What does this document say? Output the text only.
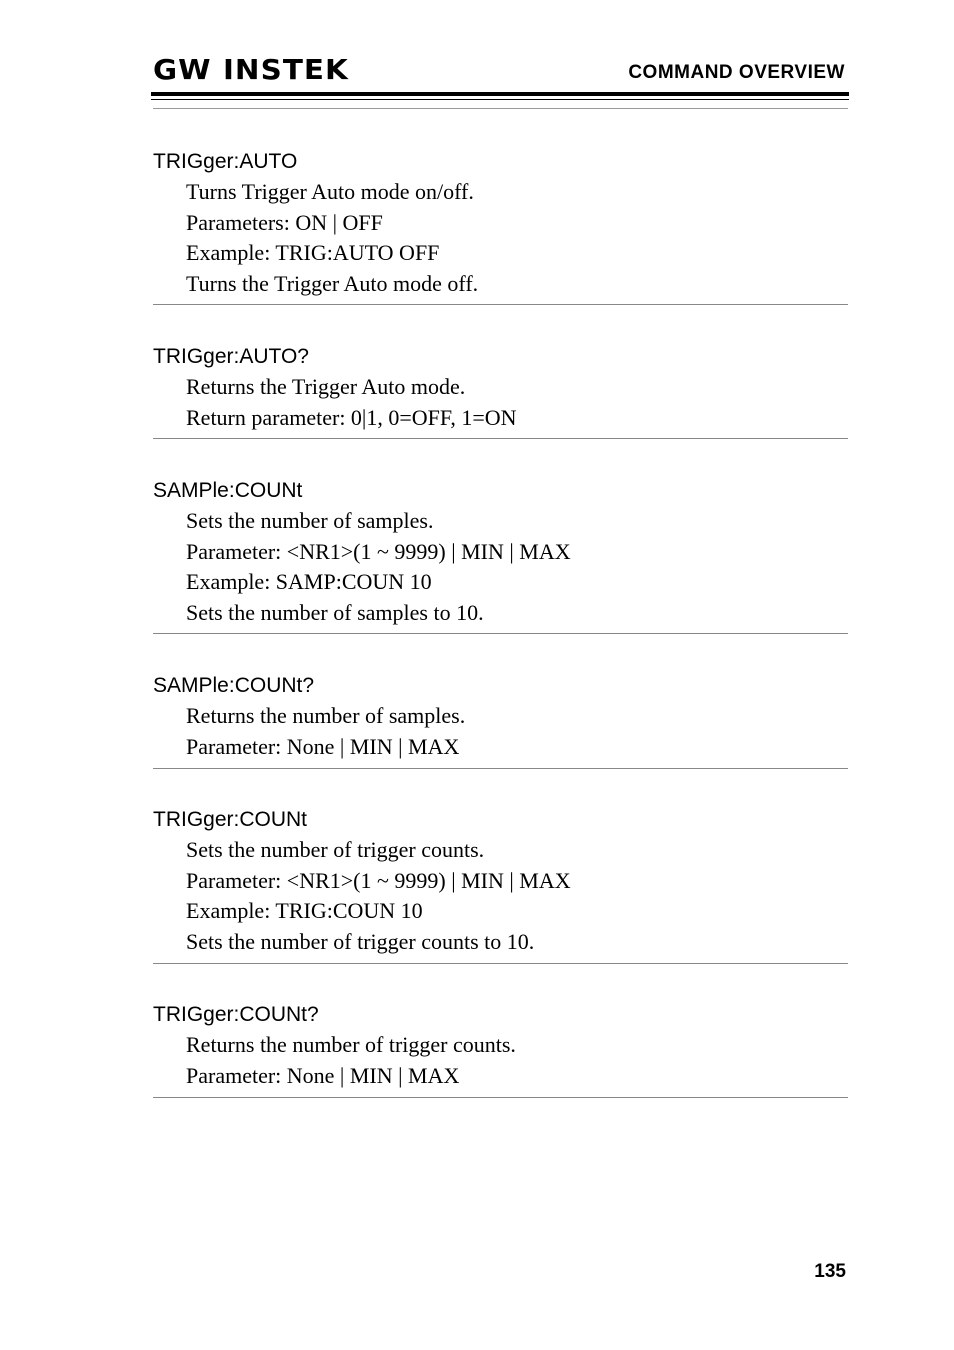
GW INSTEK	COMMAND OVERVIEW
TRIGger:AUTO
Turns Trigger Auto mode on/off.
Parameters: ON | OFF
Example: TRIG:AUTO OFF
Turns the Trigger Auto mode off.
TRIGger:AUTO?
Returns the Trigger Auto mode.
Return parameter: 0|1, 0=OFF, 1=ON
SAMPle:COUNt
Sets the number of samples.
Parameter: <NR1>(1 ~ 9999) | MIN | MAX
Example: SAMP:COUN 10
Sets the number of samples to 10.
SAMPle:COUNt?
Returns the number of samples.
Parameter: None | MIN | MAX
TRIGger:COUNt
Sets the number of trigger counts.
Parameter: <NR1>(1 ~ 9999) | MIN | MAX
Example: TRIG:COUN 10
Sets the number of trigger counts to 10.
TRIGger:COUNt?
Returns the number of trigger counts.
Parameter: None | MIN | MAX
135
